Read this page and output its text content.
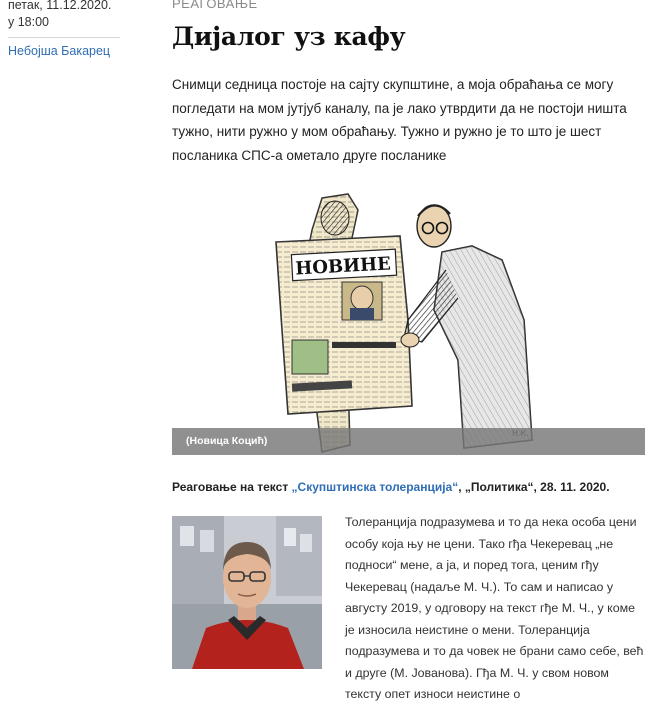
петак, 11.12.2020. у 18:00
Небојша Бакарец
РЕАГОВАЊЕ
Дијалог уз кафу

Снимци седница постоје на сајту скупштине, а моја обраћања се могу погледати на мом јутјуб каналу, па је лако утврдити да не постоји ништа тужно, нити ружно у мом обраћању. Тужно и ружно је то што је шест посланика СПС-а ометало друге посланике

НОВИНЕ
(Новица Коцић)
Реаговање на текст „Скупштинска толеранција“, „Политика“, 28. 11. 2020.

Толеранција подразумева и то да нека особа цени особу која њу не цени. Тако гђа Чекеревац „не подноси“ мене, а ја, и поред тога, ценим гђу Чекеревац (надаље М. Ч.). То сам и написао у августу 2019, у одговору на текст гђе М. Ч., у коме је износила неистине о мени. Толеранција подразумева и то да човек не брани само себе, већ и друге (М. Јованова). Гђа М. Ч. у свом новом тексту опет износи неистине о
